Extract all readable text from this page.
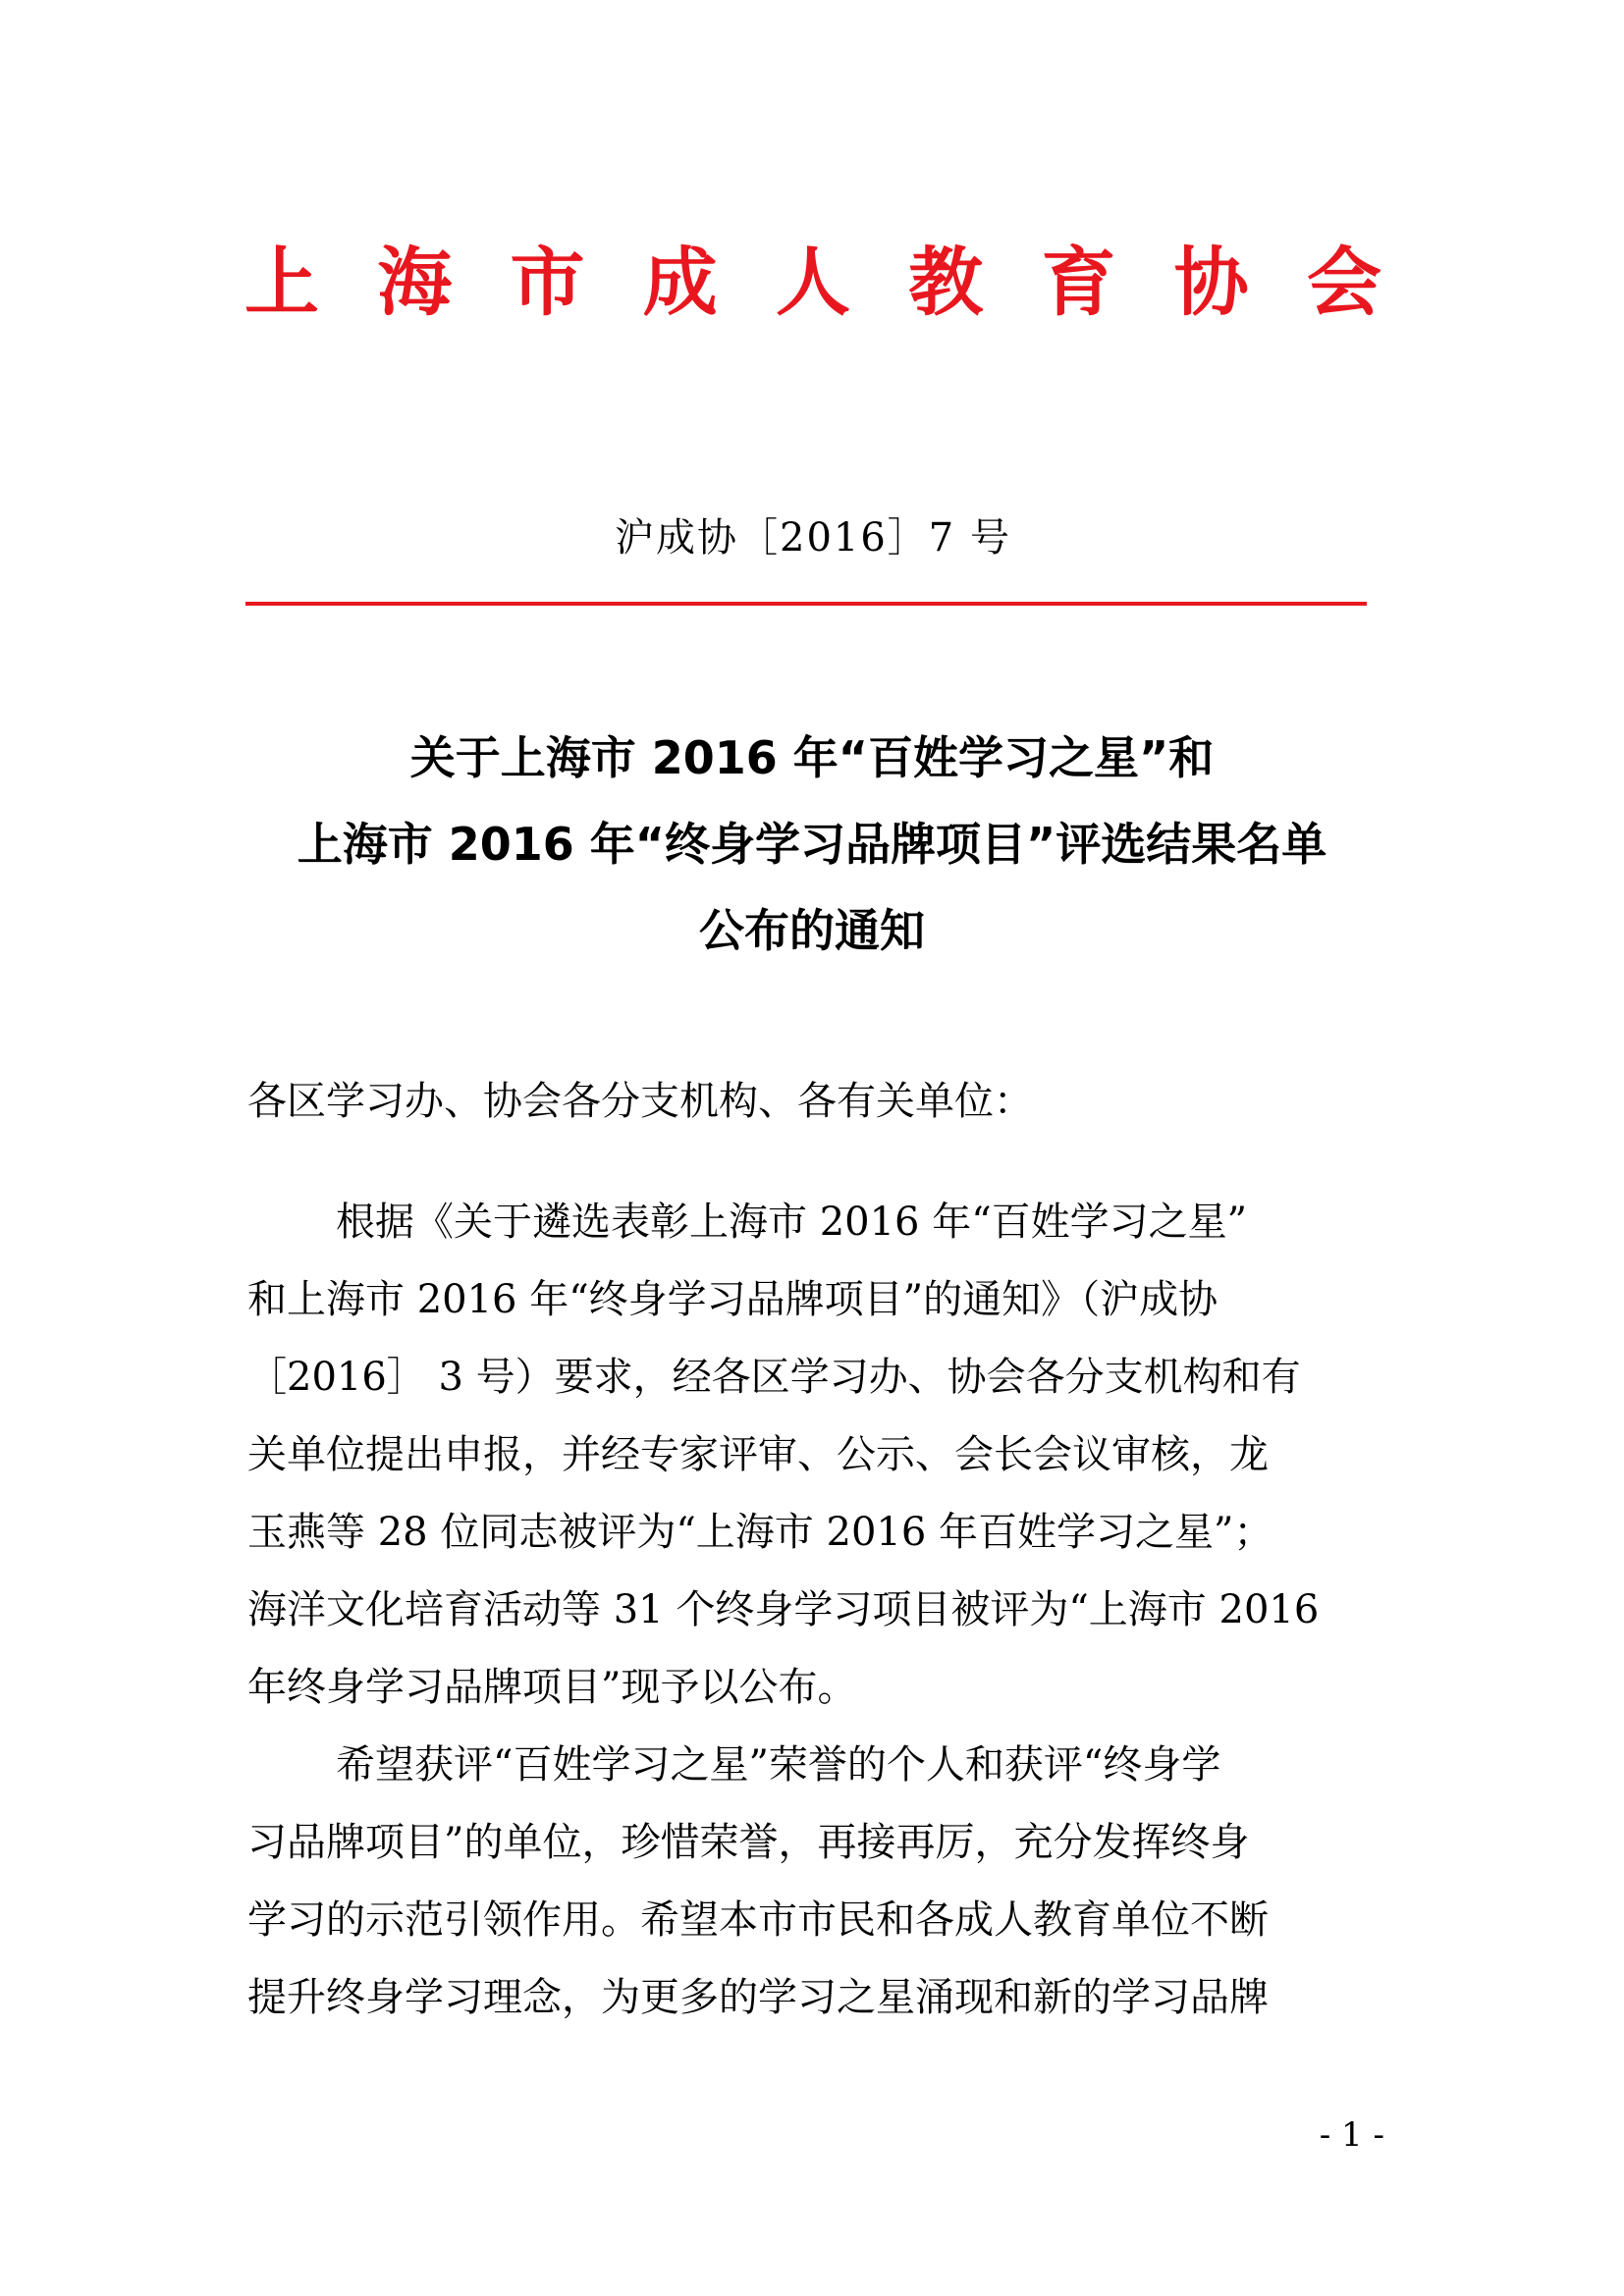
上 海 市 成 人 教 育 协 会
沪成协［2016］7 号
关于上海市 2016 年“百姓学习之星”和
上海市 2016 年“终身学习品牌项目”评选结果名单
公布的通知
各区学习办、协会各分支机构、各有关单位：
根据《关于遴选表彰上海市 2016 年“百姓学习之星”
和上海市 2016 年“终身学习品牌项目”的通知》（沪成协
［2016］ 3 号）要求，经各区学习办、协会各分支机构和有
关单位提出申报，并经专家评审、公示、会长会议审核，龙
玉燕等 28 位同志被评为“上海市 2016 年百姓学习之星”；
海洋文化培育活动等 31 个终身学习项目被评为“上海市 2016
年终身学习品牌项目”现予以公布。
希望获评“百姓学习之星”荣誉的个人和获评“终身学
习品牌项目”的单位，珍惜荣誉，再接再厉，充分发挥终身
学习的示范引领作用。希望本市市民和各成人教育单位不断
提升终身学习理念，为更多的学习之星涌现和新的学习品牌
- 1 -
